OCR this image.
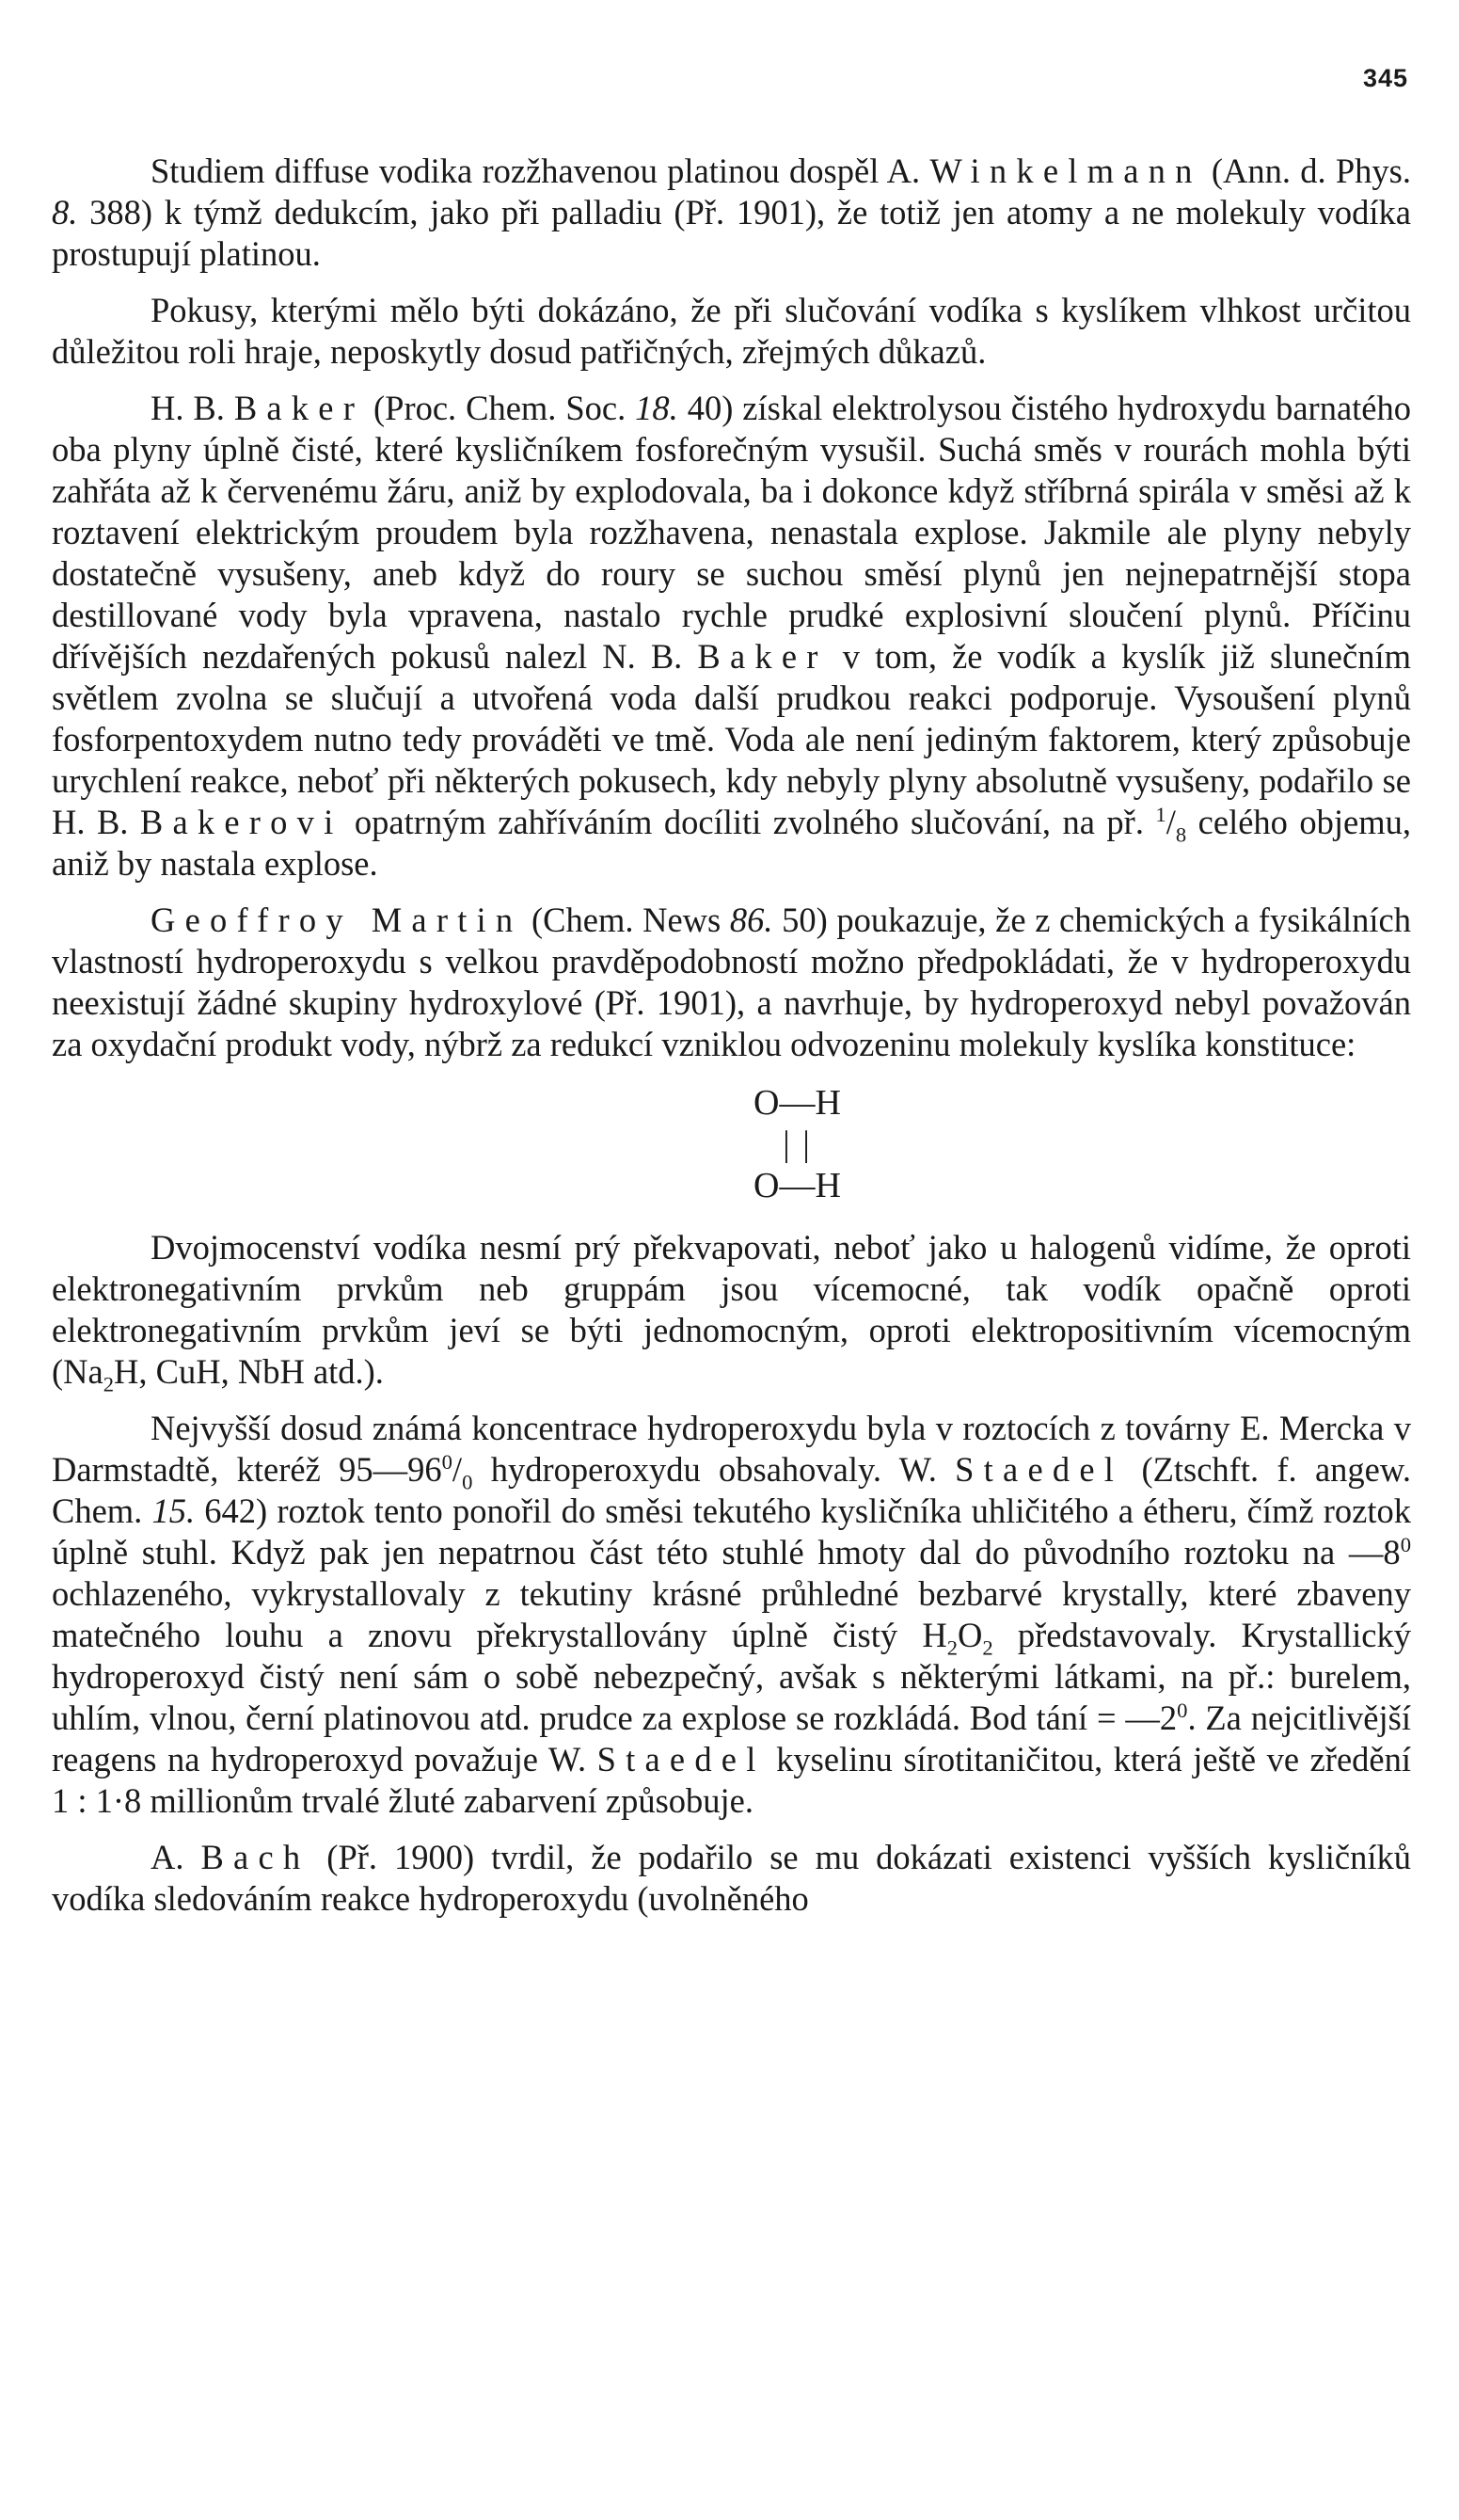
345

Studiem diffuse vodika rozžhavenou platinou dospěl A. Winkelmann (Ann. d. Phys. 8. 388) k týmž dedukcím, jako při palladiu (Př. 1901), že totiž jen atomy a ne molekuly vodíka prostupují platinou.

Pokusy, kterými mělo býti dokázáno, že při slučování vodíka s kyslíkem vlhkost určitou důležitou roli hraje, neposkytly dosud patřičných, zřejmých důkazů.

H. B. Baker (Proc. Chem. Soc. 18. 40) získal elektrolysou čistého hydroxydu barnatého oba plyny úplně čisté, které kysličníkem fosforečným vysušil. Suchá směs v rourách mohla býti zahřáta až k červenému žáru, aniž by explodovala, ba i dokonce když stříbrná spirála v směsi až k roztavení elektrickým proudem byla rozžhavena, nenastala explose. Jakmile ale plyny nebyly dostatečně vysušeny, aneb když do roury se suchou směsí plynů jen nejnepatrnější stopa destillované vody byla vpravena, nastalo rychle prudké explosivní sloučení plynů. Příčinu dřívějších nezdařených pokusů nalezl N. B. Baker v tom, že vodík a kyslík již slunečním světlem zvolna se slučují a utvořená voda další prudkou reakci podporuje. Vysoušení plynů fosforpentoxydem nutno tedy prováděti ve tmě. Voda ale není jediným faktorem, který způsobuje urychlení reakce, neboť při některých pokusech, kdy nebyly plyny absolutně vysušeny, podařilo se H. B. Bakerovi opatrným zahříváním docíliti zvolného slučování, na př. $^1/_8$ celého objemu, aniž by nastala explose.

Geoffroy Martin (Chem. News 86. 50) poukazuje, že z chemických a fysikálních vlastností hydroperoxydu s velkou pravděpodobností možno předpokládati, že v hydroperoxydu neexistují žádné skupiny hydroxylové (Př. 1901), a navrhuje, by hydroperoxyd nebyl považován za oxydační produkt vody, nýbrž za redukcí vzniklou odvozeninu molekuly kyslíka konstituce:

O—H
| |
O—H

Dvojmocenství vodíka nesmí prý překvapovati, neboť jako u halogenů vidíme, že oproti elektronegativním prvkům neb gruppám jsou vícemocné, tak vodík opačně oproti elektronegativním prvkům jeví se býti jednomocným, oproti elektropositivním vícemocným ($Na_2H$, CuH, NbH atd.).

Nejvyšší dosud známá koncentrace hydroperoxydu byla v roztocích z továrny E. Mercka v Darmstadtě, kteréž $95—96^0/_0$ hydroperoxydu obsahovaly. W. Staedel (Ztschft. f. angew. Chem. 15. 642) roztok tento ponořil do směsi tekutého kysličníka uhličitého a étheru, čímž roztok úplně stuhl. Když pak jen nepatrnou část této stuhlé hmoty dal do původního roztoku na $—8^0$ ochlazeného, vykrystallovaly z tekutiny krásné průhledné bezbarvé krystally, které zbaveny matečného louhu a znovu překrystallovány úplně čistý $H_2O_2$ představovaly. Krystallický hydroperoxyd čistý není sám o sobě nebezpečný, avšak s některými látkami, na př.: burelem, uhlím, vlnou, černí platinovou atd. prudce za explose se rozkládá. Bod tání = $—2^0$. Za nejcitlivější reagens na hydroperoxyd považuje W. Staedel kyselinu sírotitaničitou, která ještě ve zředění 1 : 1·8 millionům trvalé žluté zabarvení způsobuje.

A. Bach (Př. 1900) tvrdil, že podařilo se mu dokázati existenci vyšších kysličníků vodíka sledováním reakce hydroperoxydu (uvolněného
